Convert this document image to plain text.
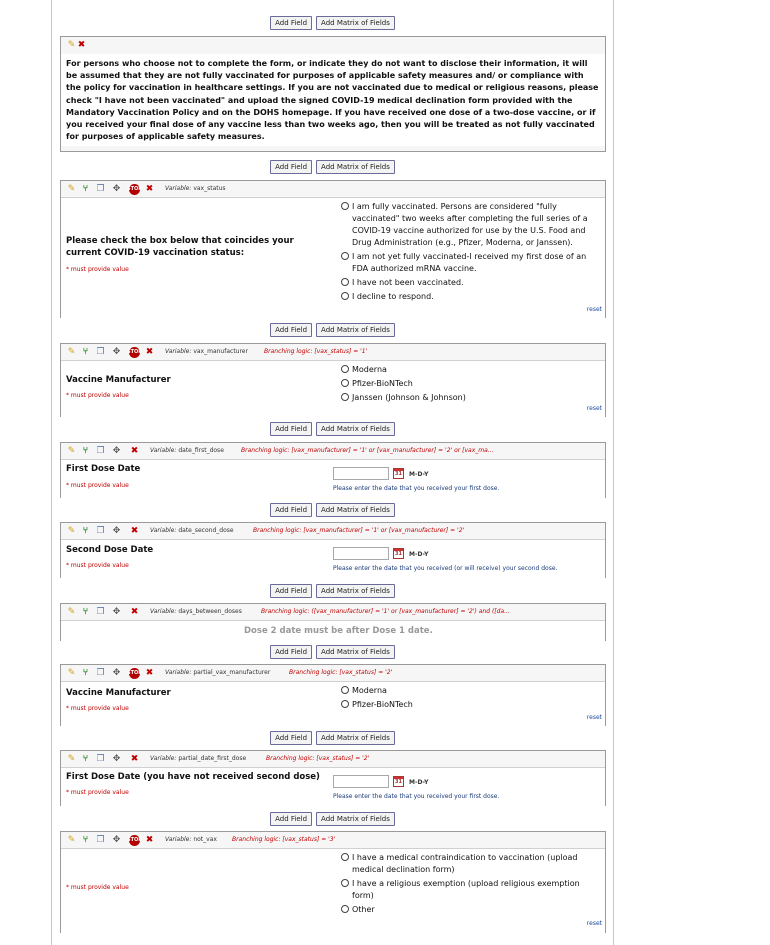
Add Field Add Matrix of Fields
✎ ✖
For persons who choose not to complete the form, or indicate they do not want to disclose their information, it will be assumed that they are not fully vaccinated for purposes of applicable safety measures and/ or compliance with the policy for vaccination in healthcare settings. If you are not vaccinated due to medical or religious reasons, please check "I have not been vaccinated" and upload the signed COVID-19 medical declination form provided with the Mandatory Vaccination Policy and on the DOHS homepage. If you have received one dose of a two-dose vaccine, or if you received your final dose of any vaccine less than two weeks ago, then you will be treated as not fully vaccinated for purposes of applicable safety measures.
Add Field Add Matrix of Fields
✎ ⑂ ❐ ✥	STOP ✖ Variable: vax_status
Please check the box below that coincides your current COVID-19 vaccination status:
* must provide value
I am fully vaccinated. Persons are considered "fully vaccinated" two weeks after completing the full series of a COVID-19 vaccine authorized for use by the U.S. Food and Drug Administration (e.g., Pfizer, Moderna, or Janssen).
I am not yet fully vaccinated-I received my first dose of an FDA authorized mRNA vaccine.
I have not been vaccinated.
I decline to respond.
reset
Add Field Add Matrix of Fields
✎ ⑂ ❐ ✥	STOP ✖ Variable: vax_manufacturer	Branching logic: [vax_status] = '1'
Vaccine Manufacturer
* must provide value
Moderna
Pfizer-BioNTech
Janssen (Johnson & Johnson)
reset
Add Field Add Matrix of Fields
✎ ⑂ ❐ ✥ ✖ Variable: date_first_dose	Branching logic: [vax_manufacturer] = '1' or [vax_manufacturer] = '2' or [vax_ma...
First Dose Date
* must provide value
31	M-D-Y
Please enter the date that you received your first dose.
Add Field Add Matrix of Fields
✎ ⑂ ❐ ✥ ✖ Variable: date_second_dose	Branching logic: [vax_manufacturer] = '1' or [vax_manufacturer] = '2'
Second Dose Date
* must provide value
31	M-D-Y
Please enter the date that you received (or will receive) your second dose.
Add Field Add Matrix of Fields
✎ ⑂ ❐ ✥ ✖ Variable: days_between_doses	Branching logic: ([vax_manufacturer] = '1' or [vax_manufacturer] = '2') and ([da...
Dose 2 date must be after Dose 1 date.
Add Field Add Matrix of Fields
✎ ⑂ ❐ ✥	STOP ✖ Variable: partial_vax_manufacturer	Branching logic: [vax_status] = '2'
Vaccine Manufacturer
* must provide value
Moderna
Pfizer-BioNTech
reset
Add Field Add Matrix of Fields
✎ ⑂ ❐ ✥ ✖ Variable: partial_date_first_dose	Branching logic: [vax_status] = '2'
First Dose Date (you have not received second dose)
* must provide value
31	M-D-Y
Please enter the date that you received your first dose.
Add Field Add Matrix of Fields
✎ ⑂ ❐ ✥	STOP ✖ Variable: not_vax	Branching logic: [vax_status] = '3'
* must provide value
I have a medical contraindication to vaccination (upload medical declination form)
I have a religious exemption (upload religious exemption form)
Other
reset
